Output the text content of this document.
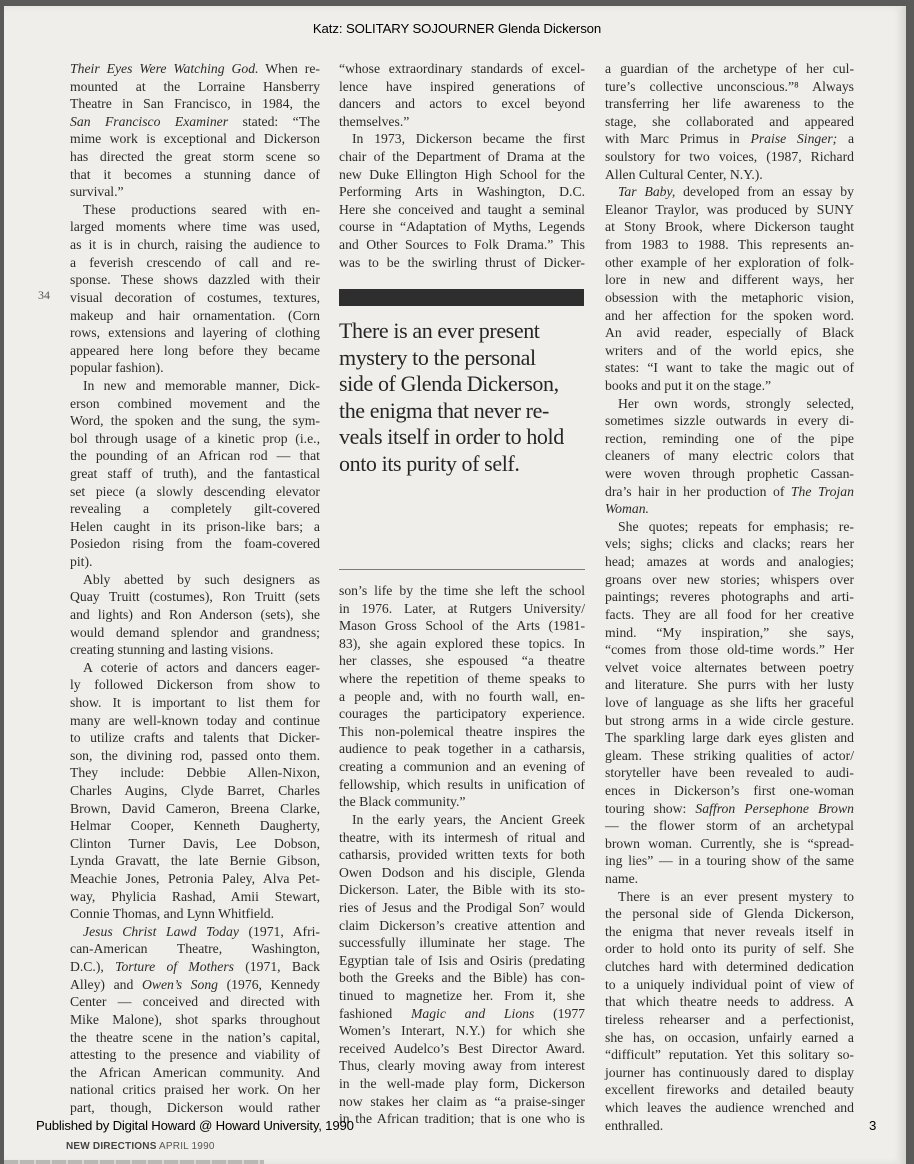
Katz: SOLITARY SOJOURNER Glenda Dickerson
34
Their Eyes Were Watching God. When re-
mounted at the Lorraine Hansberry
Theatre in San Francisco, in 1984, the
San Francisco Examiner stated: “The
mime work is exceptional and Dickerson
has directed the great storm scene so
that it becomes a stunning dance of
survival.”
These productions seared with en-
larged moments where time was used,
as it is in church, raising the audience to
a feverish crescendo of call and re-
sponse. These shows dazzled with their
visual decoration of costumes, textures,
makeup and hair ornamentation. (Corn
rows, extensions and layering of clothing
appeared here long before they became
popular fashion).
In new and memorable manner, Dick-
erson combined movement and the
Word, the spoken and the sung, the sym-
bol through usage of a kinetic prop (i.e.,
the pounding of an African rod — that
great staff of truth), and the fantastical
set piece (a slowly descending elevator
revealing a completely gilt-covered
Helen caught in its prison-like bars; a
Posiedon rising from the foam-covered
pit).
Ably abetted by such designers as
Quay Truitt (costumes), Ron Truitt (sets
and lights) and Ron Anderson (sets), she
would demand splendor and grandness;
creating stunning and lasting visions.
A coterie of actors and dancers eager-
ly followed Dickerson from show to
show. It is important to list them for
many are well-known today and continue
to utilize crafts and talents that Dicker-
son, the divining rod, passed onto them.
They include: Debbie Allen-Nixon,
Charles Augins, Clyde Barret, Charles
Brown, David Cameron, Breena Clarke,
Helmar Cooper, Kenneth Daugherty,
Clinton Turner Davis, Lee Dobson,
Lynda Gravatt, the late Bernie Gibson,
Meachie Jones, Petronia Paley, Alva Pet-
way, Phylicia Rashad, Amii Stewart,
Connie Thomas, and Lynn Whitfield.
Jesus Christ Lawd Today (1971, Afri-
can-American Theatre, Washington,
D.C.), Torture of Mothers (1971, Back
Alley) and Owen’s Song (1976, Kennedy
Center — conceived and directed with
Mike Malone), shot sparks throughout
the theatre scene in the nation’s capital,
attesting to the presence and viability of
the African American community. And
national critics praised her work. On her
part, though, Dickerson would rather
“whose extraordinary standards of excel-
lence have inspired generations of
dancers and actors to excel beyond
themselves.”
In 1973, Dickerson became the first
chair of the Department of Drama at the
new Duke Ellington High School for the
Performing Arts in Washington, D.C.
Here she conceived and taught a seminal
course in “Adaptation of Myths, Legends
and Other Sources to Folk Drama.” This
was to be the swirling thrust of Dicker-
There is an ever present
mystery to the personal
side of Glenda Dickerson,
the enigma that never re-
veals itself in order to hold
onto its purity of self.
son’s life by the time she left the school
in 1976. Later, at Rutgers University/
Mason Gross School of the Arts (1981-
83), she again explored these topics. In
her classes, she espoused “a theatre
where the repetition of theme speaks to
a people and, with no fourth wall, en-
courages the participatory experience.
This non-polemical theatre inspires the
audience to peak together in a catharsis,
creating a communion and an evening of
fellowship, which results in unification of
the Black community.”
In the early years, the Ancient Greek
theatre, with its intermesh of ritual and
catharsis, provided written texts for both
Owen Dodson and his disciple, Glenda
Dickerson. Later, the Bible with its sto-
ries of Jesus and the Prodigal Son⁷ would
claim Dickerson’s creative attention and
successfully illuminate her stage. The
Egyptian tale of Isis and Osiris (predating
both the Greeks and the Bible) has con-
tinued to magnetize her. From it, she
fashioned Magic and Lions (1977
Women’s Interart, N.Y.) for which she
received Audelco’s Best Director Award.
Thus, clearly moving away from interest
in the well-made play form, Dickerson
now stakes her claim as “a praise-singer
in the African tradition; that is one who is
a guardian of the archetype of her cul-
ture’s collective unconscious.”⁸ Always
transferring her life awareness to the
stage, she collaborated and appeared
with Marc Primus in Praise Singer; a
soulstory for two voices, (1987, Richard
Allen Cultural Center, N.Y.).
Tar Baby, developed from an essay by
Eleanor Traylor, was produced by SUNY
at Stony Brook, where Dickerson taught
from 1983 to 1988. This represents an-
other example of her exploration of folk-
lore in new and different ways, her
obsession with the metaphoric vision,
and her affection for the spoken word.
An avid reader, especially of Black
writers and of the world epics, she
states: “I want to take the magic out of
books and put it on the stage.”
Her own words, strongly selected,
sometimes sizzle outwards in every di-
rection, reminding one of the pipe
cleaners of many electric colors that
were woven through prophetic Cassan-
dra’s hair in her production of The Trojan
Woman.
She quotes; repeats for emphasis; re-
vels; sighs; clicks and clacks; rears her
head; amazes at words and analogies;
groans over new stories; whispers over
paintings; reveres photographs and arti-
facts. They are all food for her creative
mind. “My inspiration,” she says,
“comes from those old-time words.” Her
velvet voice alternates between poetry
and literature. She purrs with her lusty
love of language as she lifts her graceful
but strong arms in a wide circle gesture.
The sparkling large dark eyes glisten and
gleam. These striking qualities of actor/
storyteller have been revealed to audi-
ences in Dickerson’s first one-woman
touring show: Saffron Persephone Brown
— the flower storm of an archetypal
brown woman. Currently, she is “spread-
ing lies” — in a touring show of the same
name.
There is an ever present mystery to
the personal side of Glenda Dickerson,
the enigma that never reveals itself in
order to hold onto its purity of self. She
clutches hard with determined dedication
to a uniquely individual point of view of
that which theatre needs to address. A
tireless rehearser and a perfectionist,
she has, on occasion, unfairly earned a
“difficult” reputation. Yet this solitary so-
journer has continuously dared to display
excellent fireworks and detailed beauty
which leaves the audience wrenched and
enthralled.
NEW DIRECTIONS APRIL 1990
Published by Digital Howard @ Howard University, 1990	3
